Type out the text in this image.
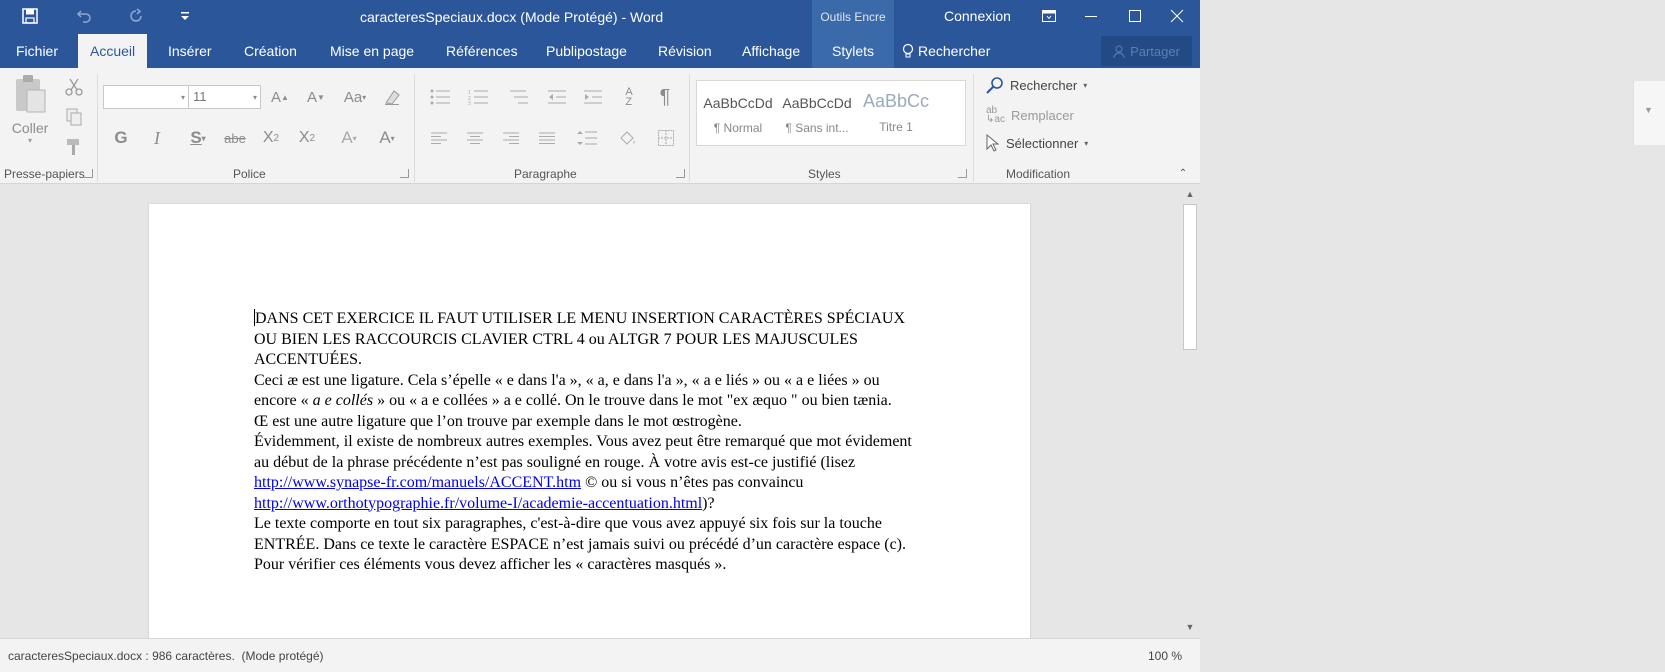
caracteresSpeciaux.docx (Mode Protégé) - Word	Outils Encre	Connexion
Fichier	Accueil	Insérer Création Mise en page Références Publipostage Révision Affichage	Stylets	Rechercher	Partager
Coller
▾
Presse-papiers
▾ 11	▾ A ▲ A ▼ Aa ▾
G	I	S ▾ abe	X 2	X 2	A ▾	A ▾
Police
1
2
3
A
Z	¶
Paragraphe
AaBbCcDd
¶ Normal
AaBbCcDd
¶ Sans int...
AaBbCc
Titre 1
▼
Styles
Rechercher ▾
ab
↳ac Remplacer
Sélectionner ▾
Modification	⌃

DANS CET EXERCICE IL FAUT UTILISER LE MENU INSERTION CARACTÈRES SPÉCIAUX OU BIEN LES RACCOURCIS CLAVIER CTRL 4 ou ALTGR 7 POUR LES MAJUSCULES ACCENTUÉES.

Ceci æ est une ligature. Cela s’épelle « e dans l'a », « a, e dans l'a », « a e liés » ou « a e liées » ou encore « a e collés » ou « a e collées » a e collé. On le trouve dans le mot "ex æquo " ou bien tænia.

Œ est une autre ligature que l’on trouve par exemple dans le mot œstrogène.

Évidemment, il existe de nombreux autres exemples. Vous avez peut être remarqué que mot évidement au début de la phrase précédente n’est pas souligné en rouge. À votre avis est-ce justifié (lisez http://www.synapse-fr.com/manuels/ACCENT.htm © ou si vous n’êtes pas convaincu http://www.orthotypographie.fr/volume-I/academie-accentuation.html)?

Le texte comporte en tout six paragraphes, c'est-à-dire que vous avez appuyé six fois sur la touche ENTRÉE. Dans ce texte le caractère ESPACE n’est jamais suivi ou précédé d’un caractère espace (c).

Pour vérifier ces éléments vous devez afficher les « caractères masqués ».

▲
▼
caracteresSpeciaux.docx : 986 caractères.  (Mode protégé)	100 %
